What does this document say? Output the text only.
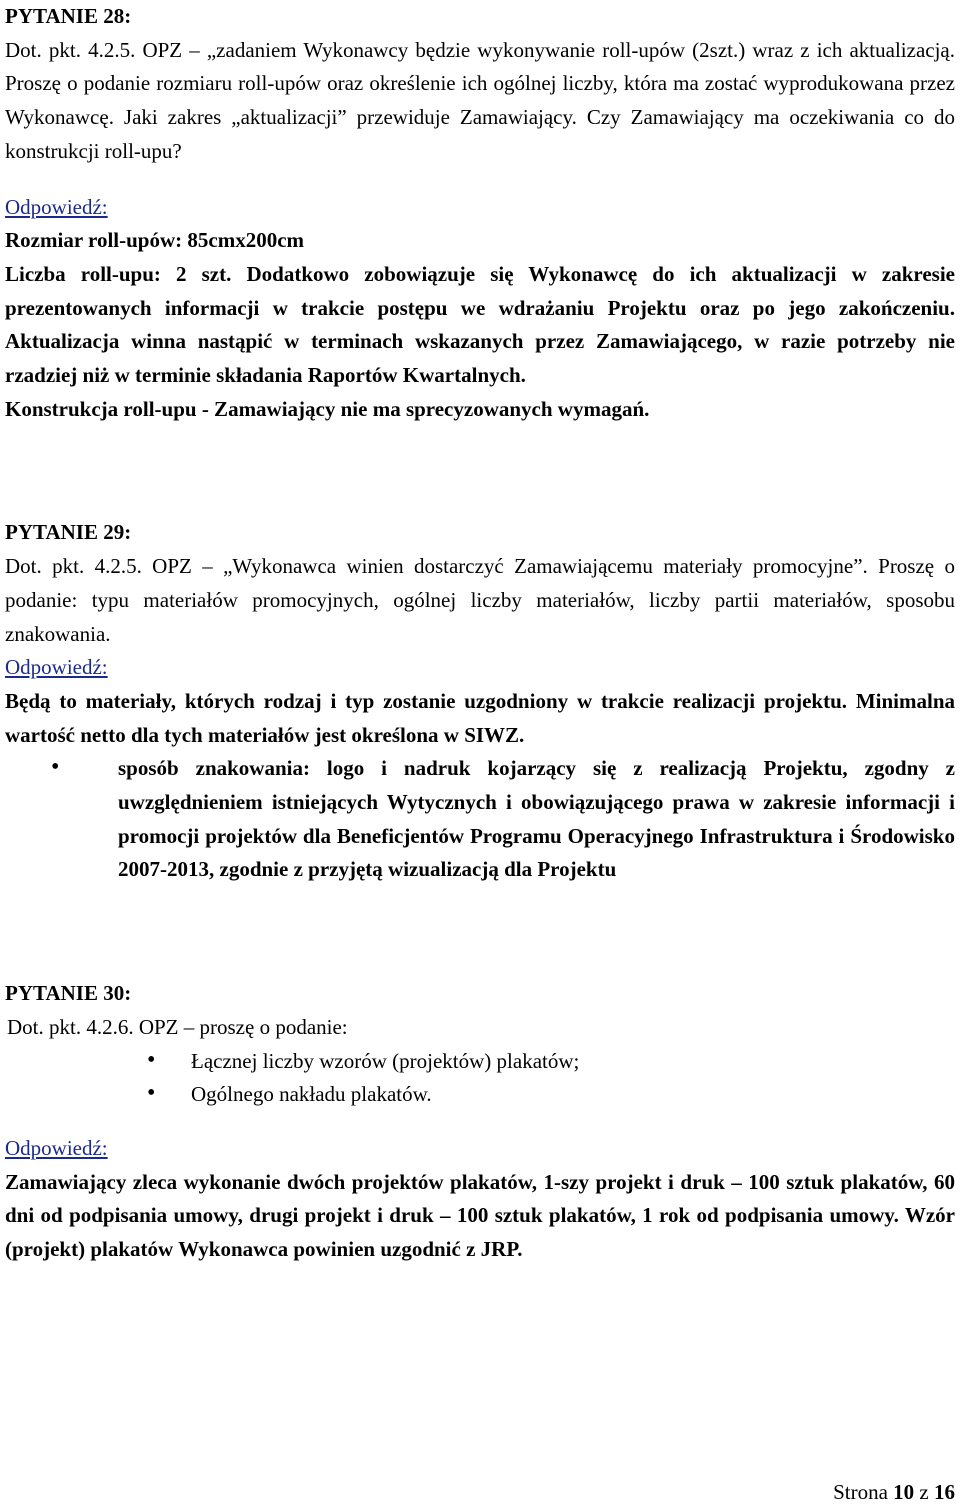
PYTANIE 28:

Dot. pkt. 4.2.5. OPZ – „zadaniem Wykonawcy będzie wykonywanie roll-upów (2szt.) wraz z ich aktualizacją. Proszę o podanie rozmiaru roll-upów oraz określenie ich ogólnej liczby, która ma zostać wyprodukowana przez Wykonawcę. Jaki zakres „aktualizacji” przewiduje Zamawiający. Czy Zamawiający ma oczekiwania co do konstrukcji roll-upu?

Odpowiedź:

Rozmiar roll-upów: 85cmx200cm

Liczba roll-upu: 2 szt. Dodatkowo zobowiązuje się Wykonawcę do ich aktualizacji w zakresie prezentowanych informacji w trakcie postępu we wdrażaniu Projektu oraz po jego zakończeniu. Aktualizacja winna nastąpić w terminach wskazanych przez Zamawiającego, w razie potrzeby nie rzadziej niż w terminie składania Raportów Kwartalnych.

Konstrukcja roll-upu - Zamawiający nie ma sprecyzowanych wymagań.

PYTANIE 29:

Dot. pkt. 4.2.5. OPZ – „Wykonawca winien dostarczyć Zamawiającemu materiały promocyjne”. Proszę o podanie: typu materiałów promocyjnych, ogólnej liczby materiałów, liczby partii materiałów, sposobu znakowania.

Odpowiedź:

Będą to materiały, których rodzaj i typ zostanie uzgodniony w trakcie realizacji projektu. Minimalna wartość netto dla tych materiałów jest określona w SIWZ.

• sposób znakowania: logo i nadruk kojarzący się z realizacją Projektu, zgodny z uwzględnieniem istniejących Wytycznych i obowiązującego prawa w zakresie informacji i promocji projektów dla Beneficjentów Programu Operacyjnego Infrastruktura i Środowisko 2007-2013, zgodnie z przyjętą wizualizacją dla Projektu

PYTANIE 30:

Dot. pkt. 4.2.6. OPZ – proszę o podanie:

• Łącznej liczby wzorów (projektów) plakatów;
• Ogólnego nakładu plakatów.

Odpowiedź:

Zamawiający zleca wykonanie dwóch projektów plakatów, 1-szy projekt i druk – 100 sztuk plakatów, 60 dni od podpisania umowy, drugi projekt i druk – 100 sztuk plakatów, 1 rok od podpisania umowy. Wzór (projekt) plakatów Wykonawca powinien uzgodnić z JRP.

Strona 10 z 16
